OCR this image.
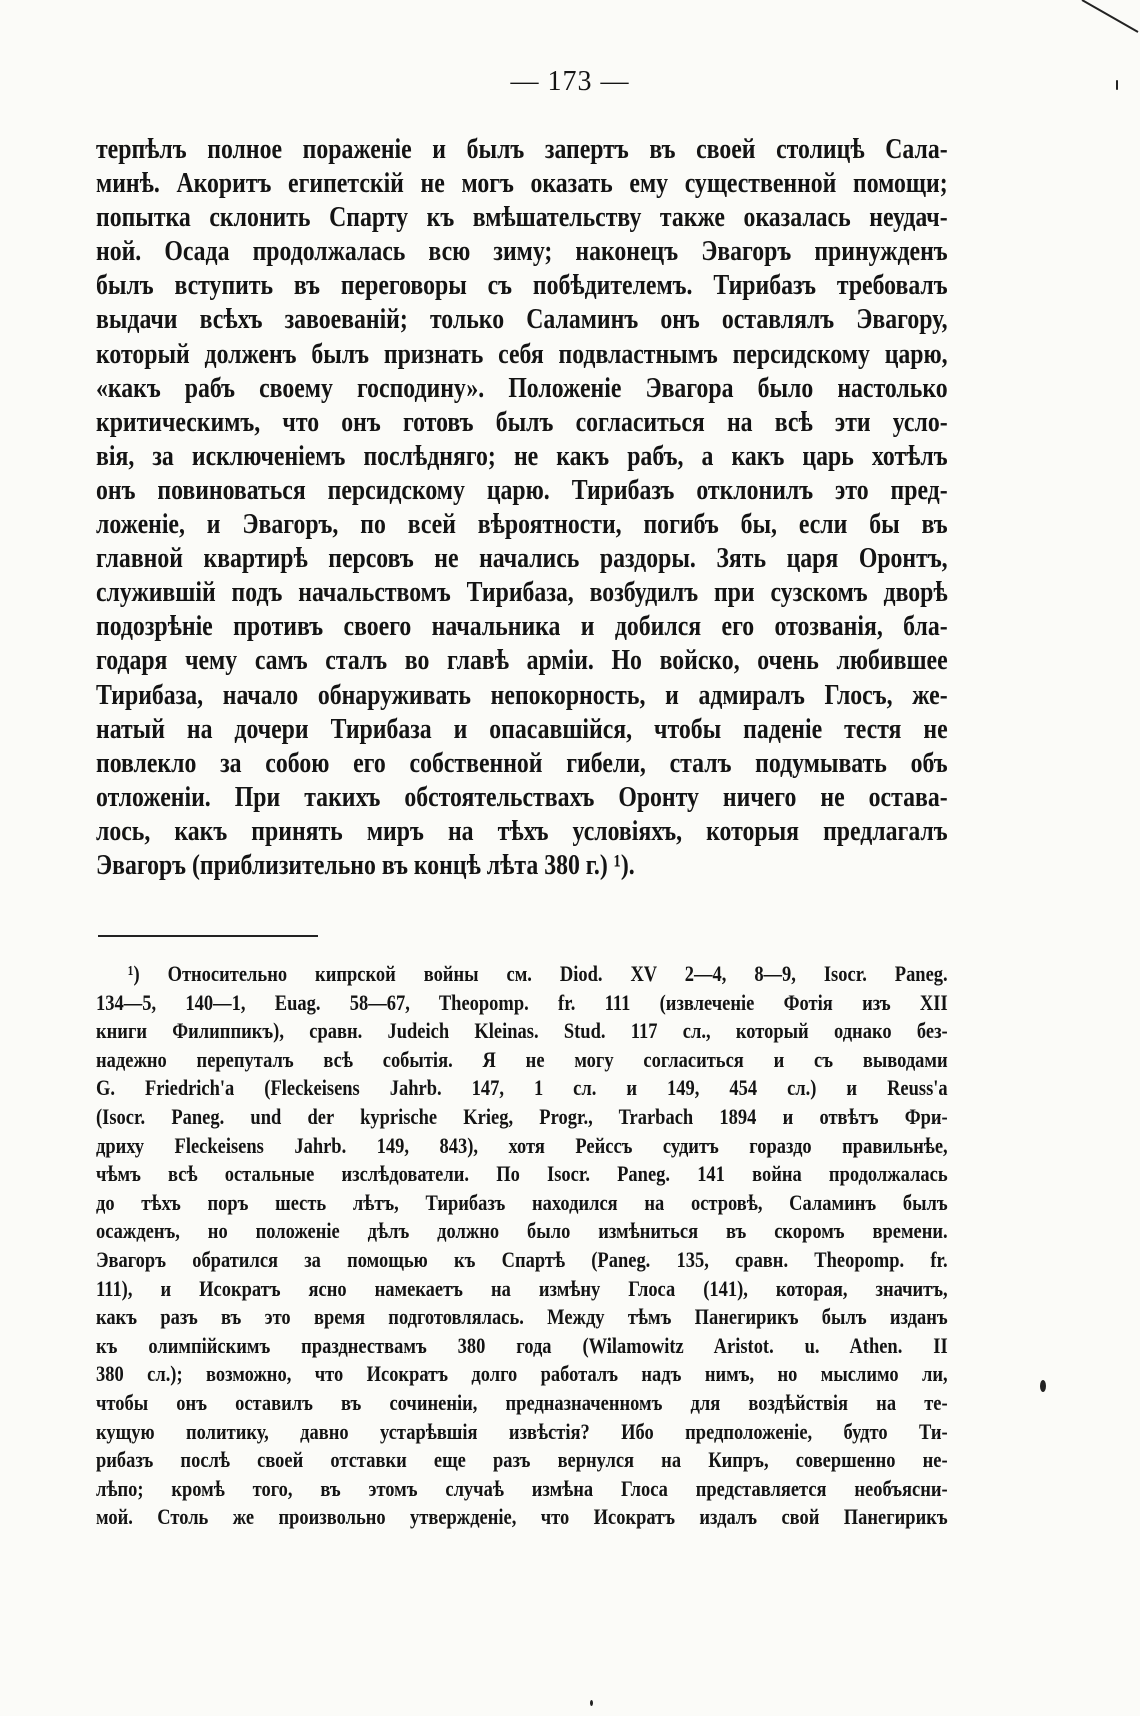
— 173 —
терпѣлъ полное пораженіе и былъ запертъ въ своей столицѣ Сала-
минѣ. Акоритъ египетскій не могъ оказать ему существенной помощи;
попытка склонить Спарту къ вмѣшательству также оказалась неудач-
ной. Осада продолжалась всю зиму; наконецъ Эвагоръ принужденъ
былъ вступить въ переговоры съ побѣдителемъ. Тирибазъ требовалъ
выдачи всѣхъ завоеваній; только Саламинъ онъ оставлялъ Эвагору,
который долженъ былъ признать себя подвластнымъ персидскому царю,
«какъ рабъ своему господину». Положеніе Эвагора было настолько
критическимъ, что онъ готовъ былъ согласиться на всѣ эти усло-
вія, за исключеніемъ послѣдняго; не какъ рабъ, а какъ царь хотѣлъ
онъ повиноваться персидскому царю. Тирибазъ отклонилъ это пред-
ложеніе, и Эвагоръ, по всей вѣроятности, погибъ бы, если бы въ
главной квартирѣ персовъ не начались раздоры. Зять царя Оронтъ,
служившій подъ начальствомъ Тирибаза, возбудилъ при сузскомъ дворѣ
подозрѣніе противъ своего начальника и добился его отозванія, бла-
годаря чему самъ сталъ во главѣ арміи. Но войско, очень любившее
Тирибаза, начало обнаруживать непокорность, и адмиралъ Глосъ, же-
натый на дочери Тирибаза и опасавшійся, чтобы паденіе тестя не
повлекло за собою его собственной гибели, сталъ подумывать объ
отложеніи. При такихъ обстоятельствахъ Оронту ничего не остава-
лось, какъ принять миръ на тѣхъ условіяхъ, которыя предлагалъ
Эвагоръ (приблизительно въ концѣ лѣта 380 г.) ¹).
¹) Относительно кипрской войны см. Diod. XV 2—4, 8—9, Isocr. Paneg.
134—5, 140—1, Euag. 58—67, Theopomp. fr. 111 (извлеченіе Фотія изъ XII
книги Филиппикъ), сравн. Judeich Kleinas. Stud. 117 сл., который однако без-
надежно перепуталъ всѣ событія. Я не могу согласиться и съ выводами
G. Friedrich'а (Fleckeisens Jahrb. 147, 1 сл. и 149, 454 сл.) и Reuss'а
(Isocr. Paneg. und der kyprische Krieg, Progr., Trarbach 1894 и отвѣтъ Фри-
дриху Fleckeisens Jahrb. 149, 843), хотя Рейссъ судитъ гораздо правильнѣе,
чѣмъ всѣ остальные изслѣдователи. По Isocr. Paneg. 141 война продолжалась
до тѣхъ поръ шесть лѣтъ, Тирибазъ находился на островѣ, Саламинъ былъ
осажденъ, но положеніе дѣлъ должно было измѣниться въ скоромъ времени.
Эвагоръ обратился за помощью къ Спартѣ (Paneg. 135, сравн. Theopomp. fr.
111), и Исократъ ясно намекаетъ на измѣну Глоса (141), которая, значитъ,
какъ разъ въ это время подготовлялась. Между тѣмъ Панегирикъ былъ изданъ
къ олимпійскимъ празднествамъ 380 года (Wilamowitz Aristot. u. Athen. II
380 сл.); возможно, что Исократъ долго работалъ надъ нимъ, но мыслимо ли,
чтобы онъ оставилъ въ сочиненіи, предназначенномъ для воздѣйствія на те-
кущую политику, давно устарѣвшія извѣстія? Ибо предположеніе, будто Ти-
рибазъ послѣ своей отставки еще разъ вернулся на Кипръ, совершенно не-
лѣпо; кромѣ того, въ этомъ случаѣ измѣна Глоса представляется необъясни-
мой. Столь же произвольно утвержденіе, что Исократъ издалъ свой Панегирикъ
